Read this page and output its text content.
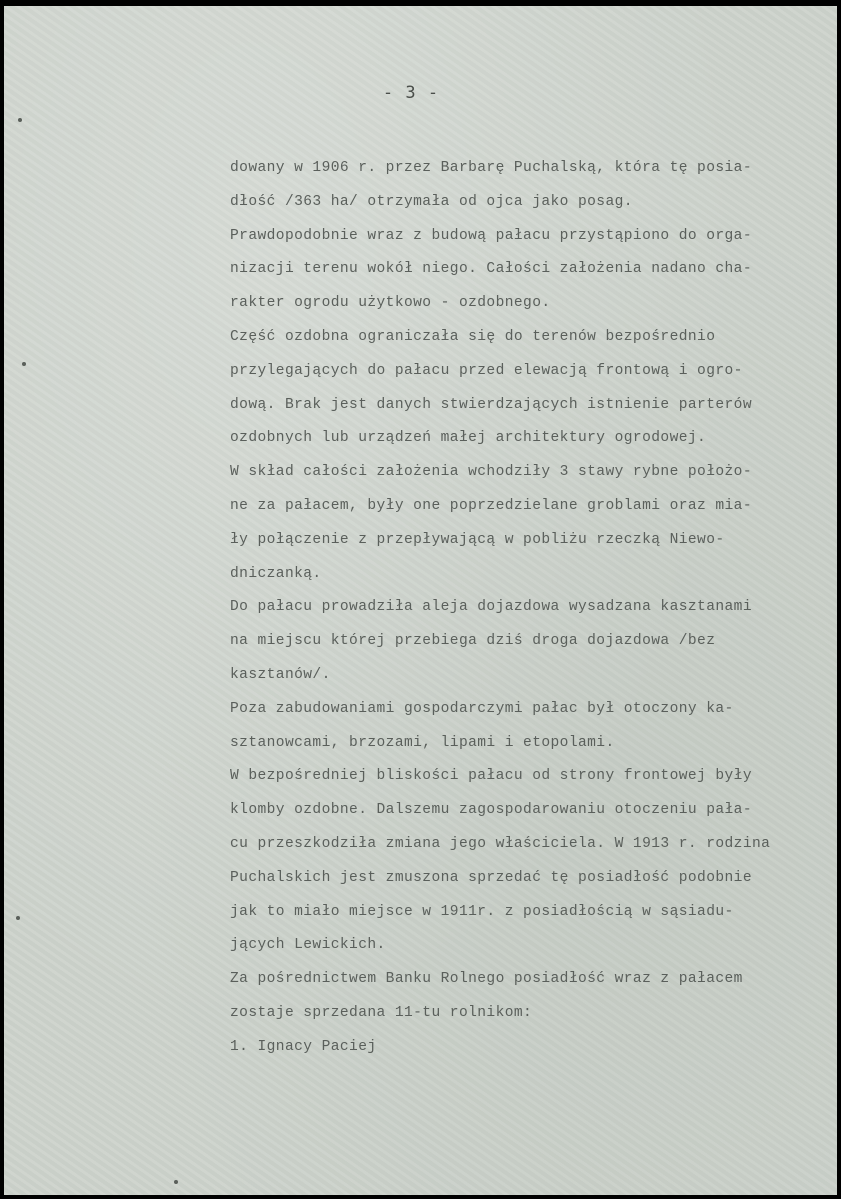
- 3 -
dowany w 1906 r. przez Barbarę Puchalską, która tę posia-
dłość /363 ha/ otrzymała od ojca jako posag.
Prawdopodobnie wraz z budową pałacu przystąpiono do orga-
nizacji terenu wokół niego. Całości założenia nadano cha-
rakter ogrodu użytkowo - ozdobnego.
Część ozdobna ograniczała się do terenów bezpośrednio
przylegających do pałacu przed elewacją frontową i ogro-
dową. Brak jest danych stwierdzających istnienie parterów
ozdobnych lub urządzeń małej architektury ogrodowej.
W skład całości założenia wchodziły 3 stawy rybne położo-
ne za pałacem, były one poprzedzielane groblami oraz mia-
ły połączenie z przepływającą w pobliżu rzeczką Niewo-
dniczanką.
Do pałacu prowadziła aleja dojazdowa wysadzana kasztanami
na miejscu której przebiega dziś droga dojazdowa /bez
kasztanów/.
Poza zabudowaniami gospodarczymi pałac był otoczony ka-
sztanowcami, brzozami, lipami i etopolami.
W bezpośredniej bliskości pałacu od strony frontowej były
klomby ozdobne. Dalszemu zagospodarowaniu otoczeniu pała-
cu przeszkodziła zmiana jego właściciela. W 1913 r. rodzina
Puchalskich jest zmuszona sprzedać tę posiadłość podobnie
jak to miało miejsce w 1911r. z posiadłością w sąsiadu-
jących Lewickich.
Za pośrednictwem Banku Rolnego posiadłość wraz z pałacem
zostaje sprzedana 11-tu rolnikom:
1. Ignacy Paciej
